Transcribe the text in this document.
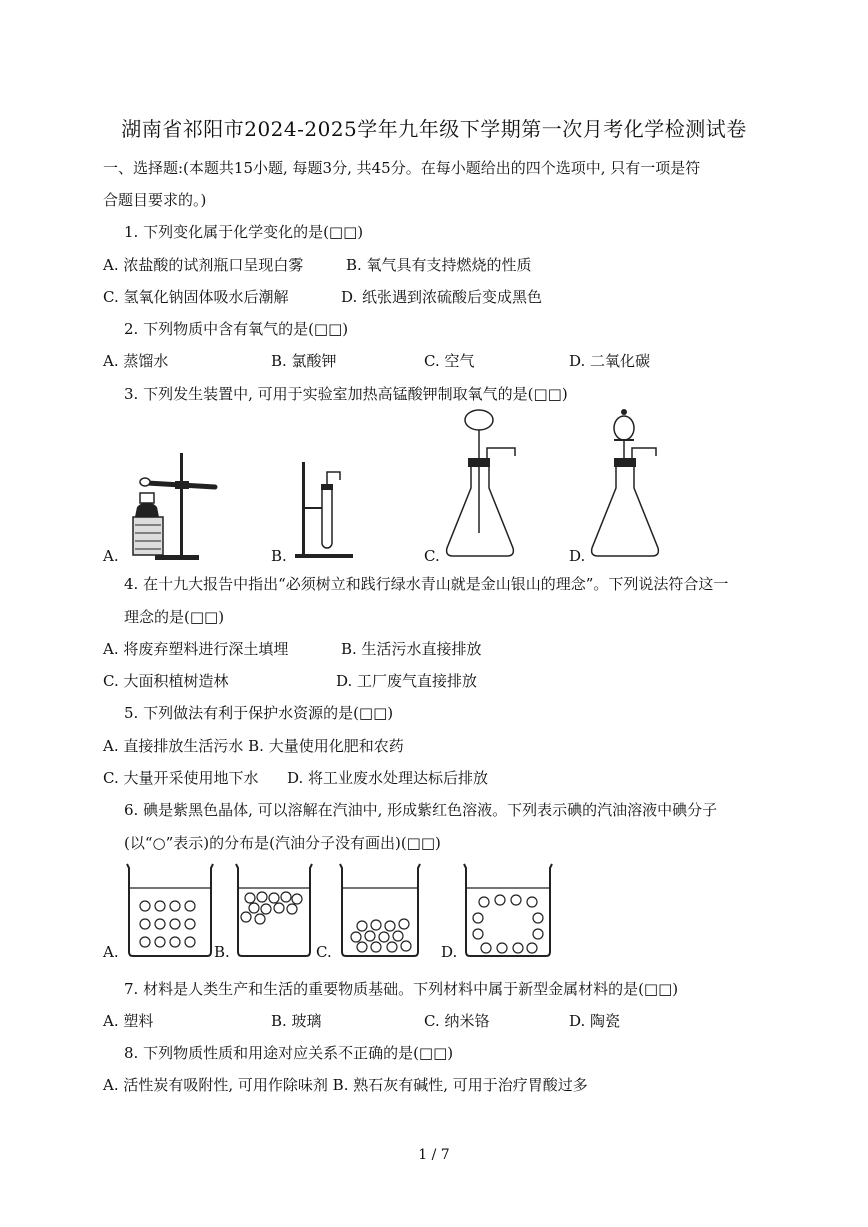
湖南省祁阳市2024-2025学年九年级下学期第一次月考化学检测试卷
一、选择题:(本题共15小题, 每题3分, 共45分。在每小题给出的四个选项中, 只有一项是符
合题目要求的。)
1. 下列变化属于化学变化的是(□□)
A. 浓盐酸的试剂瓶口呈现白雾	B. 氧气具有支持燃烧的性质
C. 氢氧化钠固体吸水后潮解	D. 纸张遇到浓硫酸后变成黑色
2. 下列物质中含有氧气的是(□□)
A. 蒸馏水	B. 氯酸钾	C. 空气	D. 二氧化碳
3. 下列发生装置中, 可用于实验室加热高锰酸钾制取氧气的是(□□)
A.	B.	C.	D.
4. 在十九大报告中指出“必须树立和践行绿水青山就是金山银山的理念”。下列说法符合这一
理念的是(□□)
A. 将废弃塑料进行深土填埋	B. 生活污水直接排放
C. 大面积植树造林	D. 工厂废气直接排放
5. 下列做法有利于保护水资源的是(□□)
A. 直接排放生活污水 B. 大量使用化肥和农药
C. 大量开采使用地下水 D. 将工业废水处理达标后排放
6. 碘是紫黑色晶体, 可以溶解在汽油中, 形成紫红色溶液。下列表示碘的汽油溶液中碘分子
(以“○”表示)的分布是(汽油分子没有画出)(□□)
A.	B.	C.	D.
7. 材料是人类生产和生活的重要物质基础。下列材料中属于新型金属材料的是(□□)
A. 塑料	B. 玻璃	C. 纳米铬	D. 陶瓷
8. 下列物质性质和用途对应关系不正确的是(□□)
A. 活性炭有吸附性, 可用作除味剂 B. 熟石灰有碱性, 可用于治疗胃酸过多
1 / 7
